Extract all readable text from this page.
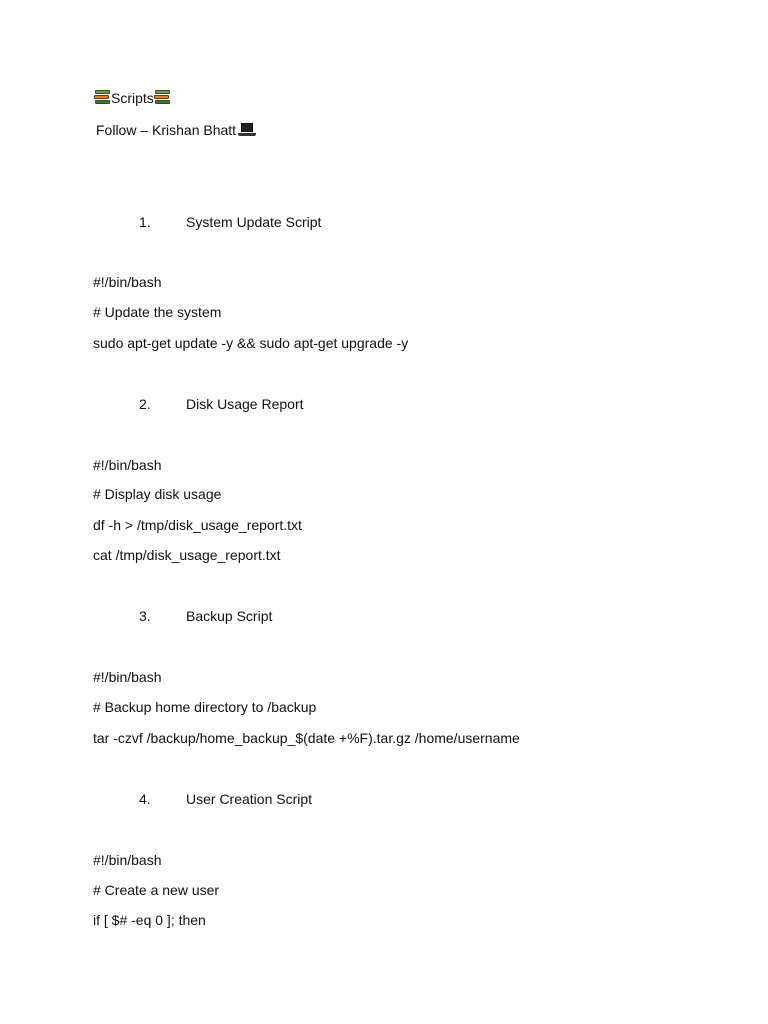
Scripts
Follow – Krishan Bhatt
1.	System Update Script
#!/bin/bash
# Update the system
sudo apt-get update -y && sudo apt-get upgrade -y
2.	Disk Usage Report
#!/bin/bash
# Display disk usage
df -h > /tmp/disk_usage_report.txt
cat /tmp/disk_usage_report.txt
3.	Backup Script
#!/bin/bash
# Backup home directory to /backup
tar -czvf /backup/home_backup_$(date +%F).tar.gz /home/username
4.	User Creation Script
#!/bin/bash
# Create a new user
if [ $# -eq 0 ]; then
